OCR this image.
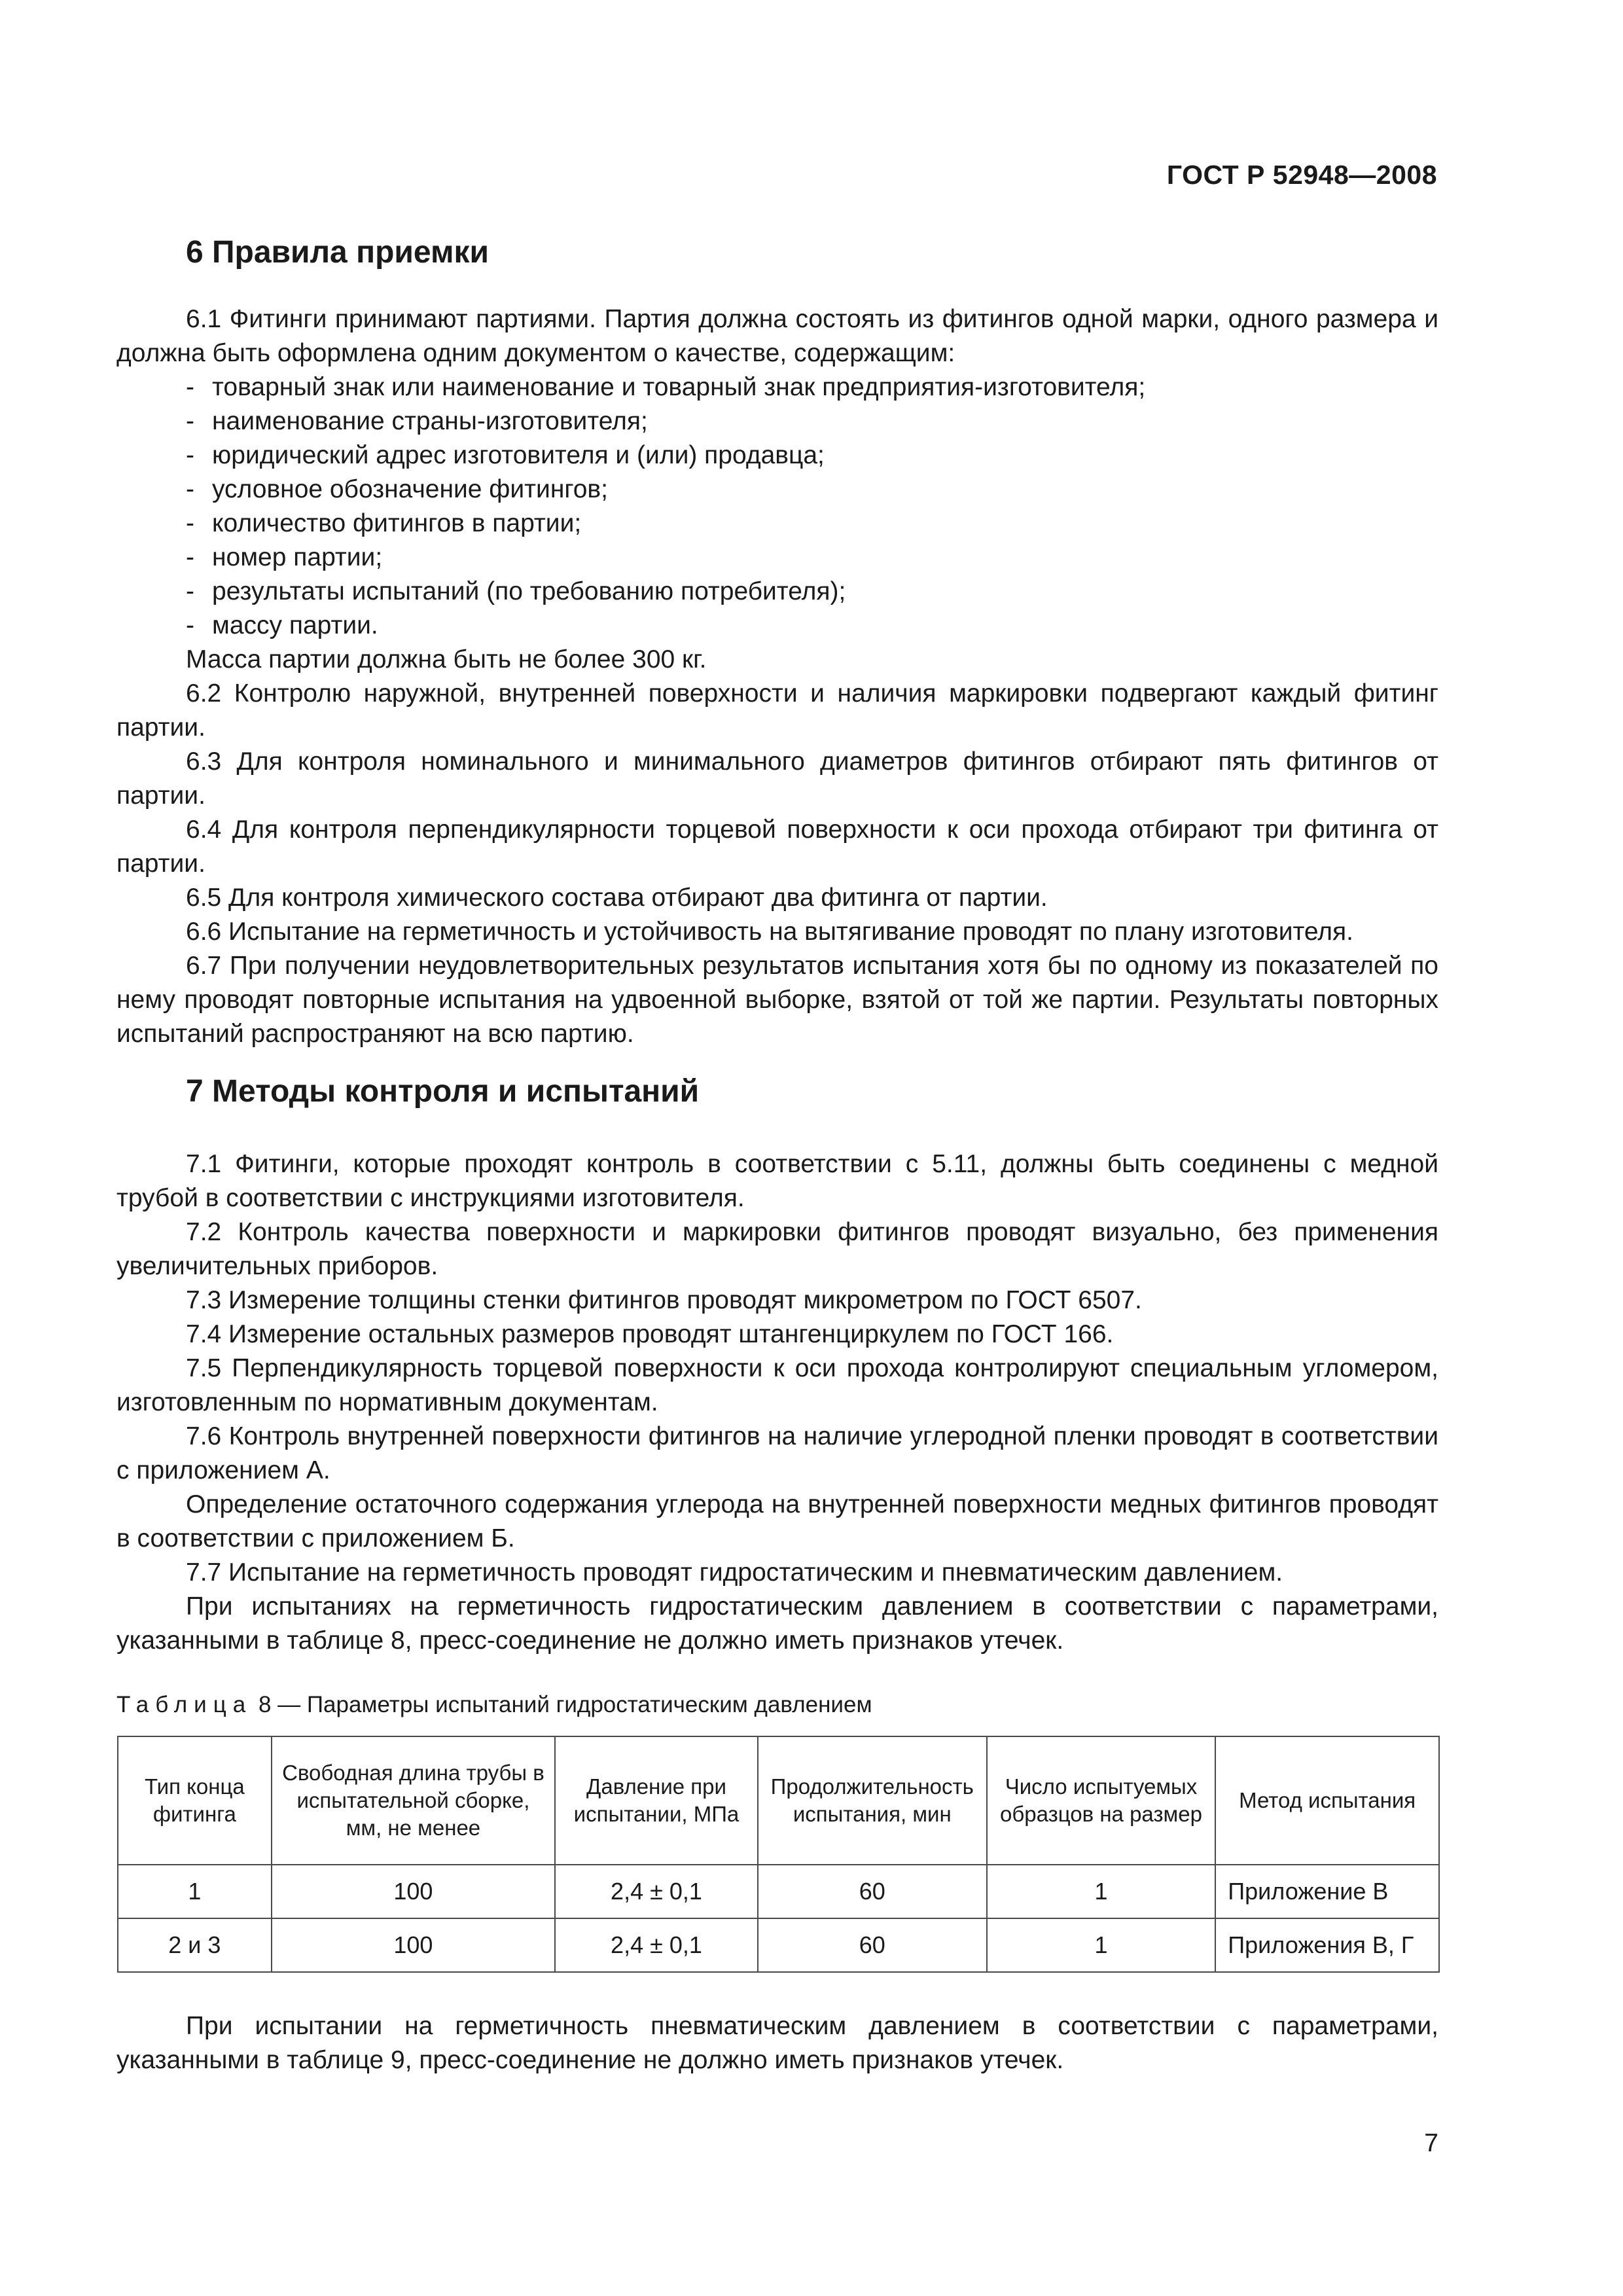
ГОСТ Р 52948—2008
6 Правила приемки

6.1 Фитинги принимают партиями. Партия должна состоять из фитингов одной марки, одного размера и должна быть оформлена одним документом о качестве, содержащим:

- товарный знак или наименование и товарный знак предприятия-изготовителя;
- наименование страны-изготовителя;
- юридический адрес изготовителя и (или) продавца;
- условное обозначение фитингов;
- количество фитингов в партии;
- номер партии;
- результаты испытаний (по требованию потребителя);
- массу партии.

Масса партии должна быть не более 300 кг.

6.2 Контролю наружной, внутренней поверхности и наличия маркировки подвергают каждый фитинг партии.

6.3 Для контроля номинального и минимального диаметров фитингов отбирают пять фитингов от партии.

6.4 Для контроля перпендикулярности торцевой поверхности к оси прохода отбирают три фитинга от партии.

6.5 Для контроля химического состава отбирают два фитинга от партии.

6.6 Испытание на герметичность и устойчивость на вытягивание проводят по плану изготовителя.

6.7 При получении неудовлетворительных результатов испытания хотя бы по одному из показателей по нему проводят повторные испытания на удвоенной выборке, взятой от той же партии. Результаты повторных испытаний распространяют на всю партию.

7 Методы контроля и испытаний

7.1 Фитинги, которые проходят контроль в соответствии с 5.11, должны быть соединены с медной трубой в соответствии с инструкциями изготовителя.

7.2 Контроль качества поверхности и маркировки фитингов проводят визуально, без применения увеличительных приборов.

7.3 Измерение толщины стенки фитингов проводят микрометром по ГОСТ 6507.

7.4 Измерение остальных размеров проводят штангенциркулем по ГОСТ 166.

7.5 Перпендикулярность торцевой поверхности к оси прохода контролируют специальным угломером, изготовленным по нормативным документам.

7.6 Контроль внутренней поверхности фитингов на наличие углеродной пленки проводят в соответствии с приложением А.

Определение остаточного содержания углерода на внутренней поверхности медных фитингов проводят в соответствии с приложением Б.

7.7 Испытание на герметичность проводят гидростатическим и пневматическим давлением.

При испытаниях на герметичность гидростатическим давлением в соответствии с параметрами, указанными в таблице 8, пресс-соединение не должно иметь признаков утечек.

Таблица 8 — Параметры испытаний гидростатическим давлением
Тип конца фитинга	Свободная длина трубы в испытательной сборке, мм, не менее	Давление при испытании, МПа	Продолжительность испытания, мин	Число испытуемых образцов на размер	Метод испытания
1	100	2,4 ± 0,1	60	1	Приложение В
2 и 3	100	2,4 ± 0,1	60	1	Приложения В, Г

При испытании на герметичность пневматическим давлением в соответствии с параметрами, указанными в таблице 9, пресс-соединение не должно иметь признаков утечек.

7
